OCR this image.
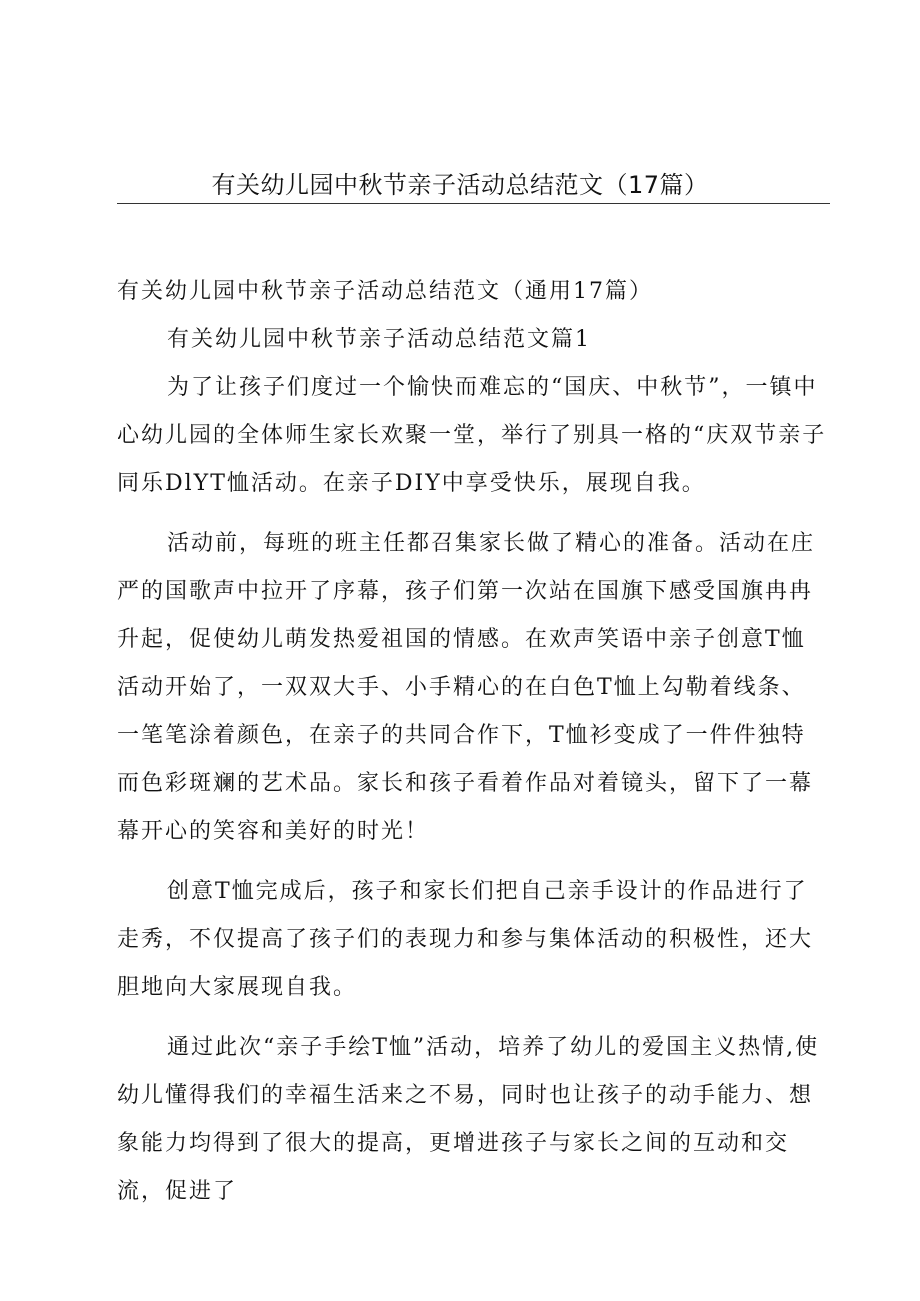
有关幼儿园中秋节亲子活动总结范文（17篇）

有关幼儿园中秋节亲子活动总结范文（通用17篇）

有关幼儿园中秋节亲子活动总结范文篇1

为了让孩子们度过一个愉快而难忘的“国庆、中秋节”，一镇中心幼儿园的全体师生家长欢聚一堂，举行了别具一格的“庆双节亲子同乐DlYT恤活动。在亲子DIY中享受快乐，展现自我。

活动前，每班的班主任都召集家长做了精心的准备。活动在庄严的国歌声中拉开了序幕，孩子们第一次站在国旗下感受国旗冉冉升起，促使幼儿萌发热爱祖国的情感。在欢声笑语中亲子创意T恤活动开始了，一双双大手、小手精心的在白色T恤上勾勒着线条、一笔笔涂着颜色，在亲子的共同合作下，T恤衫变成了一件件独特而色彩斑斓的艺术品。家长和孩子看着作品对着镜头，留下了一幕幕开心的笑容和美好的时光！

创意T恤完成后，孩子和家长们把自己亲手设计的作品进行了走秀，不仅提高了孩子们的表现力和参与集体活动的积极性，还大胆地向大家展现自我。

通过此次“亲子手绘T恤”活动，培养了幼儿的爱国主义热情,使幼儿懂得我们的幸福生活来之不易，同时也让孩子的动手能力、想象能力均得到了很大的提高，更增进孩子与家长之间的互动和交流，促进了
